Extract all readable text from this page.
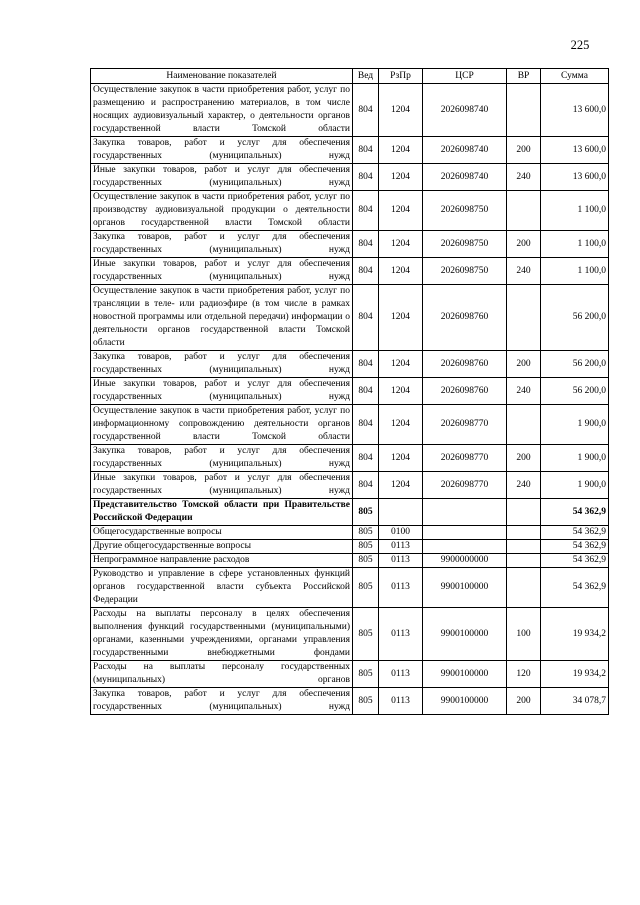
225
Наименование показателей	Вед	РзПр	ЦСР	ВР	Сумма
Осуществление закупок в части приобретения работ, услуг по размещению и распространению материалов, в том числе носящих аудиовизуальный характер, о деятельности органов государственной власти Томской области	804	1204	2026098740		13 600,0
Закупка товаров, работ и услуг для обеспечения государственных (муниципальных) нужд	804	1204	2026098740	200	13 600,0
Иные закупки товаров, работ и услуг для обеспечения государственных (муниципальных) нужд	804	1204	2026098740	240	13 600,0
Осуществление закупок в части приобретения работ, услуг по производству аудиовизуальной продукции о деятельности органов государственной власти Томской области	804	1204	2026098750		1 100,0
Закупка товаров, работ и услуг для обеспечения государственных (муниципальных) нужд	804	1204	2026098750	200	1 100,0
Иные закупки товаров, работ и услуг для обеспечения государственных (муниципальных) нужд	804	1204	2026098750	240	1 100,0
Осуществление закупок в части приобретения работ, услуг по трансляции в теле- или радиоэфире (в том числе в рамках новостной программы или отдельной передачи) информации о деятельности органов государственной власти Томской области	804	1204	2026098760		56 200,0
Закупка товаров, работ и услуг для обеспечения государственных (муниципальных) нужд	804	1204	2026098760	200	56 200,0
Иные закупки товаров, работ и услуг для обеспечения государственных (муниципальных) нужд	804	1204	2026098760	240	56 200,0
Осуществление закупок в части приобретения работ, услуг по информационному сопровождению деятельности органов государственной власти Томской области	804	1204	2026098770		1 900,0
Закупка товаров, работ и услуг для обеспечения государственных (муниципальных) нужд	804	1204	2026098770	200	1 900,0
Иные закупки товаров, работ и услуг для обеспечения государственных (муниципальных) нужд	804	1204	2026098770	240	1 900,0
Представительство Томской области при Правительстве Российской Федерации	805				54 362,9
Общегосударственные вопросы	805	0100			54 362,9
Другие общегосударственные вопросы	805	0113			54 362,9
Непрограммное направление расходов	805	0113	9900000000		54 362,9
Руководство и управление в сфере установленных функций органов государственной власти субъекта Российской Федерации	805	0113	9900100000		54 362,9
Расходы на выплаты персоналу в целях обеспечения выполнения функций государственными (муниципальными) органами, казенными учреждениями, органами управления государственными внебюджетными фондами	805	0113	9900100000	100	19 934,2
Расходы на выплаты персоналу государственных (муниципальных) органов	805	0113	9900100000	120	19 934,2
Закупка товаров, работ и услуг для обеспечения государственных (муниципальных) нужд	805	0113	9900100000	200	34 078,7
